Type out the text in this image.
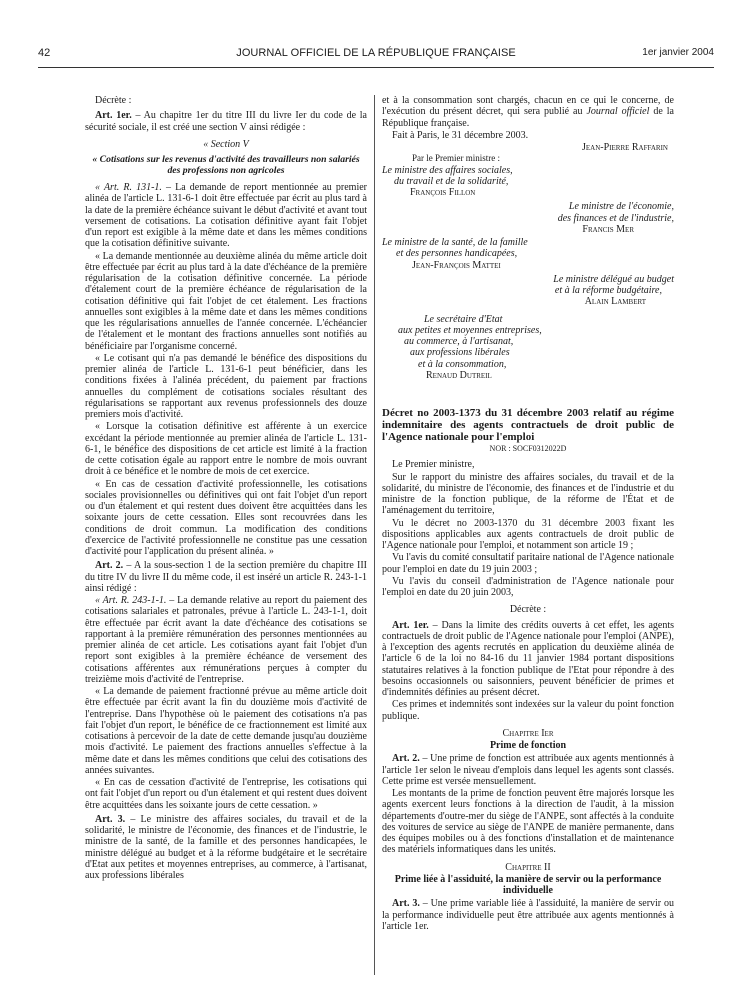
42	JOURNAL OFFICIEL DE LA RÉPUBLIQUE FRANÇAISE	1er janvier 2004

Décrète :

Art. 1er. – Au chapitre 1er du titre III du livre Ier du code de la sécurité sociale, il est créé une section V ainsi rédigée :

« Section V
« Cotisations sur les revenus d'activité des travailleurs non salariés des professions non agricoles

« Art. R. 131-1. – La demande de report mentionnée au premier alinéa de l'article L. 131-6-1 doit être effectuée par écrit au plus tard à la date de la première échéance suivant le début d'activité et avant tout versement de cotisations. La cotisation définitive ayant fait l'objet d'un report est exigible à la même date et dans les mêmes conditions que la cotisation définitive suivante.

« La demande mentionnée au deuxième alinéa du même article doit être effectuée par écrit au plus tard à la date d'échéance de la première régularisation de la cotisation définitive concernée. La période d'étalement court de la première échéance de régularisation de la cotisation définitive qui fait l'objet de cet étalement. Les fractions annuelles sont exigibles à la même date et dans les mêmes conditions que les régularisations annuelles de l'année concernée. L'échéancier de l'étalement et le montant des fractions annuelles sont notifiés au bénéficiaire par l'organisme concerné.

« Le cotisant qui n'a pas demandé le bénéfice des dispositions du premier alinéa de l'article L. 131-6-1 peut bénéficier, dans les conditions fixées à l'alinéa précédent, du paiement par fractions annuelles du complément de cotisations sociales résultant des régularisations se rapportant aux revenus professionnels des douze premiers mois d'activité.

« Lorsque la cotisation définitive est afférente à un exercice excédant la période mentionnée au premier alinéa de l'article L. 131-6-1, le bénéfice des dispositions de cet article est limité à la fraction de cette cotisation égale au rapport entre le nombre de mois ouvrant droit à ce bénéfice et le nombre de mois de cet exercice.

« En cas de cessation d'activité professionnelle, les cotisations sociales provisionnelles ou définitives qui ont fait l'objet d'un report ou d'un étalement et qui restent dues doivent être acquittées dans les soixante jours de cette cessation. Elles sont recouvrées dans les conditions de droit commun. La modification des conditions d'exercice de l'activité professionnelle ne constitue pas une cessation d'activité pour l'application du présent alinéa. »

Art. 2. – A la sous-section 1 de la section première du chapitre III du titre IV du livre II du même code, il est inséré un article R. 243-1-1 ainsi rédigé :

« Art. R. 243-1-1. – La demande relative au report du paiement des cotisations salariales et patronales, prévue à l'article L. 243-1-1, doit être effectuée par écrit avant la date d'échéance des cotisations se rapportant à la première rémunération des personnes mentionnées au premier alinéa de cet article. Les cotisations ayant fait l'objet d'un report sont exigibles à la première échéance de versement des cotisations afférentes aux rémunérations perçues à compter du treizième mois d'activité de l'entreprise.

« La demande de paiement fractionné prévue au même article doit être effectuée par écrit avant la fin du douzième mois d'activité de l'entreprise. Dans l'hypothèse où le paiement des cotisations n'a pas fait l'objet d'un report, le bénéfice de ce fractionnement est limité aux cotisations à percevoir de la date de cette demande jusqu'au douzième mois d'activité. Le paiement des fractions annuelles s'effectue à la même date et dans les mêmes conditions que celui des cotisations des années suivantes.

« En cas de cessation d'activité de l'entreprise, les cotisations qui ont fait l'objet d'un report ou d'un étalement et qui restent dues doivent être acquittées dans les soixante jours de cette cessation. »

Art. 3. – Le ministre des affaires sociales, du travail et de la solidarité, le ministre de l'économie, des finances et de l'industrie, le ministre de la santé, de la famille et des personnes handicapées, le ministre délégué au budget et à la réforme budgétaire et le secrétaire d'Etat aux petites et moyennes entreprises, au commerce, à l'artisanat, aux professions libérales

et à la consommation sont chargés, chacun en ce qui le concerne, de l'exécution du présent décret, qui sera publié au Journal officiel de la République française.

Fait à Paris, le 31 décembre 2003.

Jean-Pierre Raffarin
Par le Premier ministre :
Le ministre des affaires sociales,
du travail et de la solidarité,
François Fillon
Le ministre de l'économie,
des finances et de l'industrie,
Francis Mer
Le ministre de la santé, de la famille
et des personnes handicapées,
Jean-François Mattei
Le ministre délégué au budget
et à la réforme budgétaire,
Alain Lambert
Le secrétaire d'Etat
aux petites et moyennes entreprises,
au commerce, à l'artisanat,
aux professions libérales
et à la consommation,
Renaud Dutreil
Décret no 2003-1373 du 31 décembre 2003 relatif au régime indemnitaire des agents contractuels de droit public de l'Agence nationale pour l'emploi
NOR : SOCF0312022D

Le Premier ministre,

Sur le rapport du ministre des affaires sociales, du travail et de la solidarité, du ministre de l'économie, des finances et de l'industrie et du ministre de la fonction publique, de la réforme de l'État et de l'aménagement du territoire,

Vu le décret no 2003-1370 du 31 décembre 2003 fixant les dispositions applicables aux agents contractuels de droit public de l'Agence nationale pour l'emploi, et notamment son article 19 ;

Vu l'avis du comité consultatif paritaire national de l'Agence nationale pour l'emploi en date du 19 juin 2003 ;

Vu l'avis du conseil d'administration de l'Agence nationale pour l'emploi en date du 20 juin 2003,

Décrète :

Art. 1er. – Dans la limite des crédits ouverts à cet effet, les agents contractuels de droit public de l'Agence nationale pour l'emploi (ANPE), à l'exception des agents recrutés en application du deuxième alinéa de l'article 6 de la loi no 84-16 du 11 janvier 1984 portant dispositions statutaires relatives à la fonction publique de l'Etat pour répondre à des besoins occasionnels ou saisonniers, peuvent bénéficier de primes et d'indemnités définies au présent décret.

Ces primes et indemnités sont indexées sur la valeur du point fonction publique.

Chapitre Ier
Prime de fonction

Art. 2. – Une prime de fonction est attribuée aux agents mentionnés à l'article 1er selon le niveau d'emplois dans lequel les agents sont classés. Cette prime est versée mensuellement.

Les montants de la prime de fonction peuvent être majorés lorsque les agents exercent leurs fonctions à la direction de l'audit, à la mission départements d'outre-mer du siège de l'ANPE, sont affectés à la conduite des voitures de service au siège de l'ANPE de manière permanente, dans des équipes mobiles ou à des fonctions d'installation et de maintenance des matériels informatiques dans les unités.

Chapitre II
Prime liée à l'assiduité, la manière de servir ou la performance individuelle

Art. 3. – Une prime variable liée à l'assiduité, la manière de servir ou la performance individuelle peut être attribuée aux agents mentionnés à l'article 1er.
